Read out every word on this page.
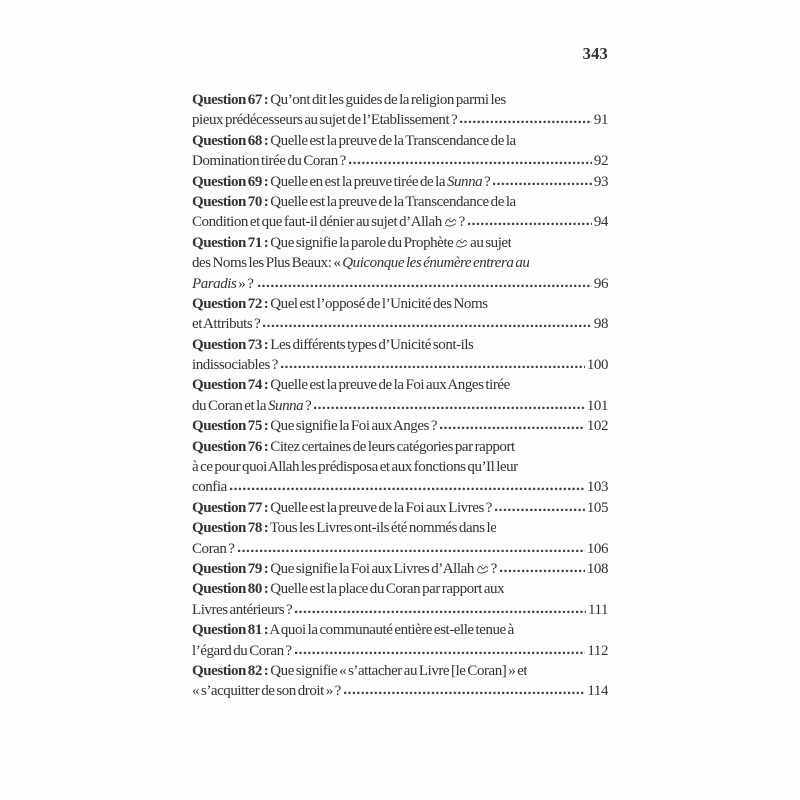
343
Question 67 : Qu’ont dit les guides de la religion parmi les
pieux prédécesseurs au sujet de l’Etablissement ?	91
Question 68 : Quelle est la preuve de la Transcendance de la
Domination tirée du Coran ?	92
Question 69 : Quelle en est la preuve tirée de la Sunna ?	93
Question 70 : Quelle est la preuve de la Transcendance de la
Condition et que faut-il dénier au sujet d’Allah  ?	94
Question 71 : Que signifie la parole du Prophète  au sujet
des Noms les Plus Beaux: « Quiconque les énumère entrera au
Paradis » ?	96
Question 72 : Quel est l’opposé de l’Unicité des Noms
et Attributs ?	98
Question 73 : Les différents types d’Unicité sont-ils
indissociables ?	100
Question 74 : Quelle est la preuve de la Foi aux Anges tirée
du Coran et la Sunna ?	101
Question 75 : Que signifie la Foi aux Anges ?	102
Question 76 : Citez certaines de leurs catégories par rapport
à ce pour quoi Allah les prédisposa et aux fonctions qu’Il leur
confia	103
Question 77 : Quelle est la preuve de la Foi aux Livres ?	105
Question 78 : Tous les Livres ont-ils été nommés dans le
Coran ?	106
Question 79 : Que signifie la Foi aux Livres d’Allah  ?	108
Question 80 : Quelle est la place du Coran par rapport aux
Livres antérieurs ?	111
Question 81 : A quoi la communauté entière est-elle tenue à
l’égard du Coran ?	112
Question 82 : Que signifie « s’attacher au Livre [le Coran] » et
« s’acquitter de son droit » ?	114
